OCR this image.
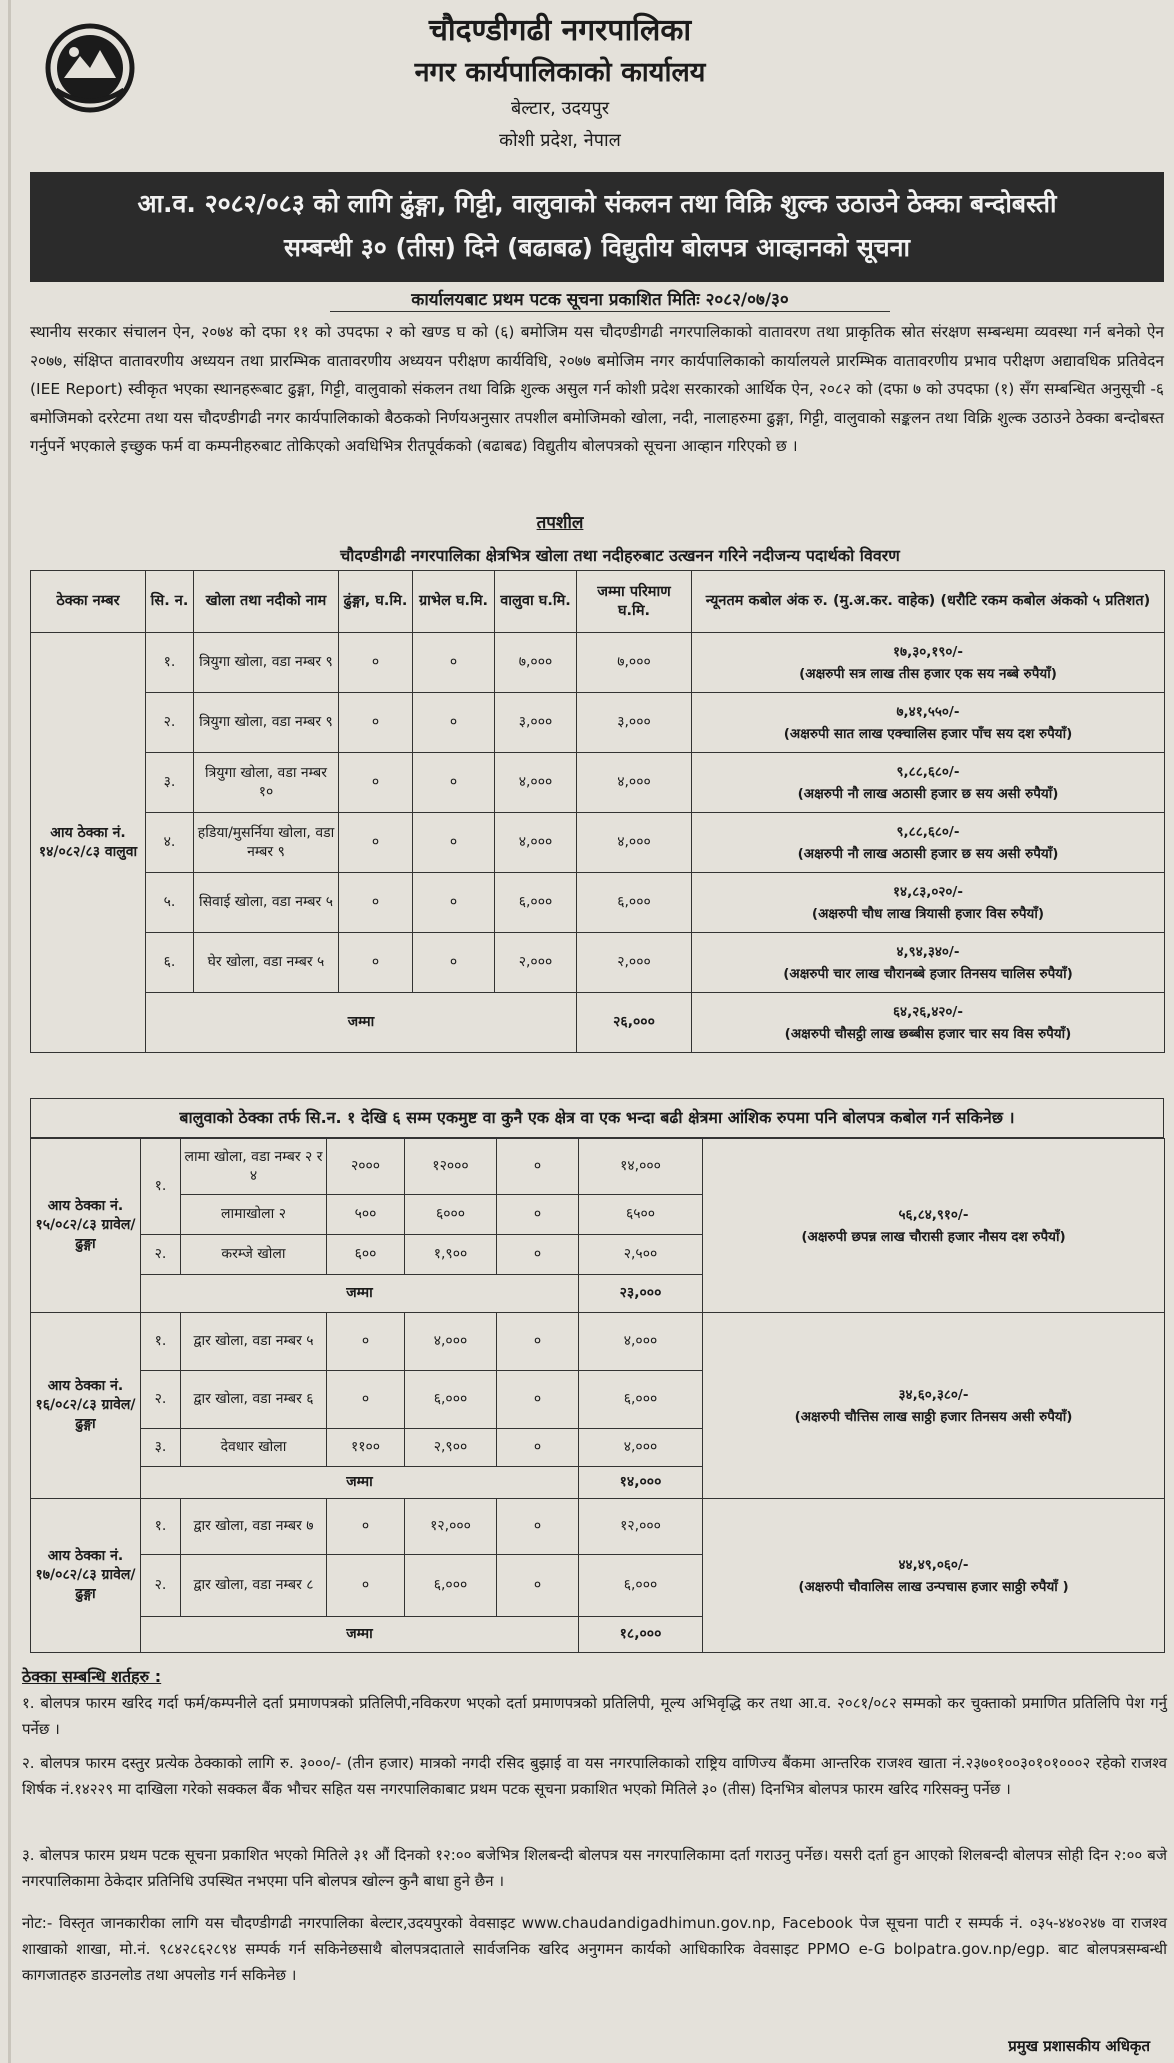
चौदण्डीगढी नगरपालिका
नगर कार्यपालिकाको कार्यालय
बेल्टार, उदयपुर
कोशी प्रदेश, नेपाल
आ.व. २०८२/०८३ को लागि ढुंङ्गा, गिट्टी, वालुवाको संकलन तथा विक्रि शुल्क उठाउने ठेक्का बन्दोबस्ती
सम्बन्धी ३० (तीस) दिने (बढाबढ) विद्युतीय बोलपत्र आव्हानको सूचना
कार्यालयबाट प्रथम पटक सूचना प्रकाशित मितिः २०८२/०७/३०

स्थानीय सरकार संचालन ऐन, २०७४ को दफा ११ को उपदफा २ को खण्ड घ को (६) बमोजिम यस चौदण्डीगढी नगरपालिकाको वातावरण तथा प्राकृतिक स्रोत संरक्षण सम्बन्धमा व्यवस्था गर्न बनेको ऐन २०७७, संक्षिप्त वातावरणीय अध्ययन तथा प्रारम्भिक वातावरणीय अध्ययन परीक्षण कार्यविधि, २०७७ बमोजिम नगर कार्यपालिकाको कार्यालयले प्रारम्भिक वातावरणीय प्रभाव परीक्षण अद्यावधिक प्रतिवेदन (IEE Report) स्वीकृत भएका स्थानहरूबाट ढुङ्गा, गिट्टी, वालुवाको संकलन तथा विक्रि शुल्क असुल गर्न कोशी प्रदेश सरकारको आर्थिक ऐन, २०८२ को (दफा ७ को उपदफा (१) सँग सम्बन्धित अनुसूची -६ बमोजिमको दररेटमा तथा यस चौदण्डीगढी नगर कार्यपालिकाको बैठकको निर्णयअनुसार तपशील बमोजिमको खोला, नदी, नालाहरुमा ढुङ्गा, गिट्टी, वालुवाको सङ्कलन तथा विक्रि शुल्क उठाउने ठेक्का बन्दोबस्त गर्नुपर्ने भएकाले इच्छुक फर्म वा कम्पनीहरुबाट तोकिएको अवधिभित्र रीतपूर्वकको (बढाबढ) विद्युतीय बोलपत्रको सूचना आव्हान गरिएको छ ।

तपशील
चौदण्डीगढी नगरपालिका क्षेत्रभित्र खोला तथा नदीहरुबाट उत्खनन गरिने नदीजन्य पदार्थको विवरण
ठेक्का नम्बर	सि. न.	खोला तथा नदीको नाम	ढुंङ्गा, घ.मि.	ग्राभेल घ.मि.	वालुवा घ.मि.	जम्मा परिमाण घ.मि.	न्यूनतम कबोल अंक रु. (मु.अ.कर. वाहेक) (धरौटि रकम कबोल अंकको ५ प्रतिशत)
आय ठेक्का नं. १४/०८२/८३ वालुवा	१.	त्रियुगा खोला, वडा नम्बर ९	०	०	७,०००	७,०००	१७,३०,१९०/-
(अक्षरुपी सत्र लाख तीस हजार एक सय नब्बे रुपैयाँ)

	२.	त्रियुगा खोला, वडा नम्बर ९	०	०	३,०००	३,०००	७,४१,५५०/-
(अक्षरुपी सात लाख एक्चालिस हजार पाँच सय दश रुपैयाँ)

	३.	त्रियुगा खोला, वडा नम्बर १०	०	०	४,०००	४,०००	९,८८,६८०/-
(अक्षरुपी नौ लाख अठासी हजार छ सय असी रुपैयाँ)

	४.	हडिया/मुसर्निया खोला, वडा नम्बर ९	०	०	४,०००	४,०००	९,८८,६८०/-
(अक्षरुपी नौ लाख अठासी हजार छ सय असी रुपैयाँ)

	५.	सिवाई खोला, वडा नम्बर ५	०	०	६,०००	६,०००	१४,८३,०२०/-
(अक्षरुपी चौध लाख त्रियासी हजार विस रुपैयाँ)

	६.	घेर खोला, वडा नम्बर ५	०	०	२,०००	२,०००	४,९४,३४०/-
(अक्षरुपी चार लाख चौरानब्बे हजार तिनसय चालिस रुपैयाँ)

	जम्मा					२६,०००	६४,२६,४२०/-
(अक्षरुपी चौसट्ठी लाख छब्बीस हजार चार सय विस रुपैयाँ)
बालुवाको ठेक्का तर्फ सि.न. १ देखि ६ सम्म एकमुष्ट वा कुनै एक क्षेत्र वा एक भन्दा बढी क्षेत्रमा आंशिक रुपमा पनि बोलपत्र कबोल गर्न सकिनेछ ।
आय ठेक्का नं. १५/०८२/८३ ग्रावेल/ढुङ्गा	१.	लामा खोला, वडा नम्बर २ र ४	२०००	१२०००	०	१४,०००	५६,८४,९१०/-
(अक्षरुपी छपन्न लाख चौरासी हजार नौसय दश रुपैयाँ)

		लामाखोला २	५००	६०००	०	६५००	
	२.	करम्जे खोला	६००	१,९००	०	२,५००	
	जम्मा					२३,०००	
आय ठेक्का नं. १६/०८२/८३ ग्रावेल/ढुङ्गा	१.	द्वार खोला, वडा नम्बर ५	०	४,०००	०	४,०००	३४,६०,३८०/-
(अक्षरुपी चौत्तिस लाख साठ्ठी हजार तिनसय असी रुपैयाँ)

	२.	द्वार खोला, वडा नम्बर ६	०	६,०००	०	६,०००	
	३.	देवधार खोला	११००	२,९००	०	४,०००	
	जम्मा					१४,०००	
आय ठेक्का नं. १७/०८२/८३ ग्रावेल/ढुङ्गा	१.	द्वार खोला, वडा नम्बर ७	०	१२,०००	०	१२,०००	४४,४९,०६०/-
(अक्षरुपी चौवालिस लाख उन्पचास हजार साठ्ठी रुपैयाँ )

	२.	द्वार खोला, वडा नम्बर ८	०	६,०००	०	६,०००	
	जम्मा					१८,०००	
ठेक्का सम्बन्धि शर्तहरु :

१. बोलपत्र फारम खरिद गर्दा फर्म/कम्पनीले दर्ता प्रमाणपत्रको प्रतिलिपी,नविकरण भएको दर्ता प्रमाणपत्रको प्रतिलिपी, मूल्य अभिवृद्धि कर तथा आ.व. २०८१/०८२ सम्मको कर चुक्ताको प्रमाणित प्रतिलिपि पेश गर्नु पर्नेछ ।

२. बोलपत्र फारम दस्तुर प्रत्येक ठेक्काको लागि रु. ३०००/- (तीन हजार) मात्रको नगदी रसिद बुझाई वा यस नगरपालिकाको राष्ट्रिय वाणिज्य बैंकमा आन्तरिक राजश्व खाता नं.२३७०१००३०१०१०००२ रहेको राजश्व शिर्षक नं.१४२२९ मा दाखिला गरेको सक्कल बैंक भौचर सहित यस नगरपालिकाबाट प्रथम पटक सूचना प्रकाशित भएको मितिले ३० (तीस) दिनभित्र बोलपत्र फारम खरिद गरिसक्नु पर्नेछ ।

३. बोलपत्र फारम प्रथम पटक सूचना प्रकाशित भएको मितिले ३१ औं दिनको १२:०० बजेभित्र शिलबन्दी बोलपत्र यस नगरपालिकामा दर्ता गराउनु पर्नेछ। यसरी दर्ता हुन आएको शिलबन्दी बोलपत्र सोही दिन २:०० बजे नगरपालिकामा ठेकेदार प्रतिनिधि उपस्थित नभएमा पनि बोलपत्र खोल्न कुनै बाधा हुने छैन ।

नोट:- विस्तृत जानकारीका लागि यस चौदण्डीगढी नगरपालिका बेल्टार,उदयपुरको वेवसाइट www.chaudandigadhimun.gov.np, Facebook पेज सूचना पाटी र सम्पर्क नं. ०३५-४४०२४७ वा राजश्व शाखाको शाखा, मो.नं. ९८४२८६२८९४ सम्पर्क गर्न सकिनेछसाथै बोलपत्रदाताले सार्वजनिक खरिद अनुगमन कार्यको आधिकारिक वेवसाइट PPMO e-G bolpatra.gov.np/egp. बाट बोलपत्रसम्बन्धी कागजातहरु डाउनलोड तथा अपलोड गर्न सकिनेछ ।

प्रमुख प्रशासकीय अधिकृत
